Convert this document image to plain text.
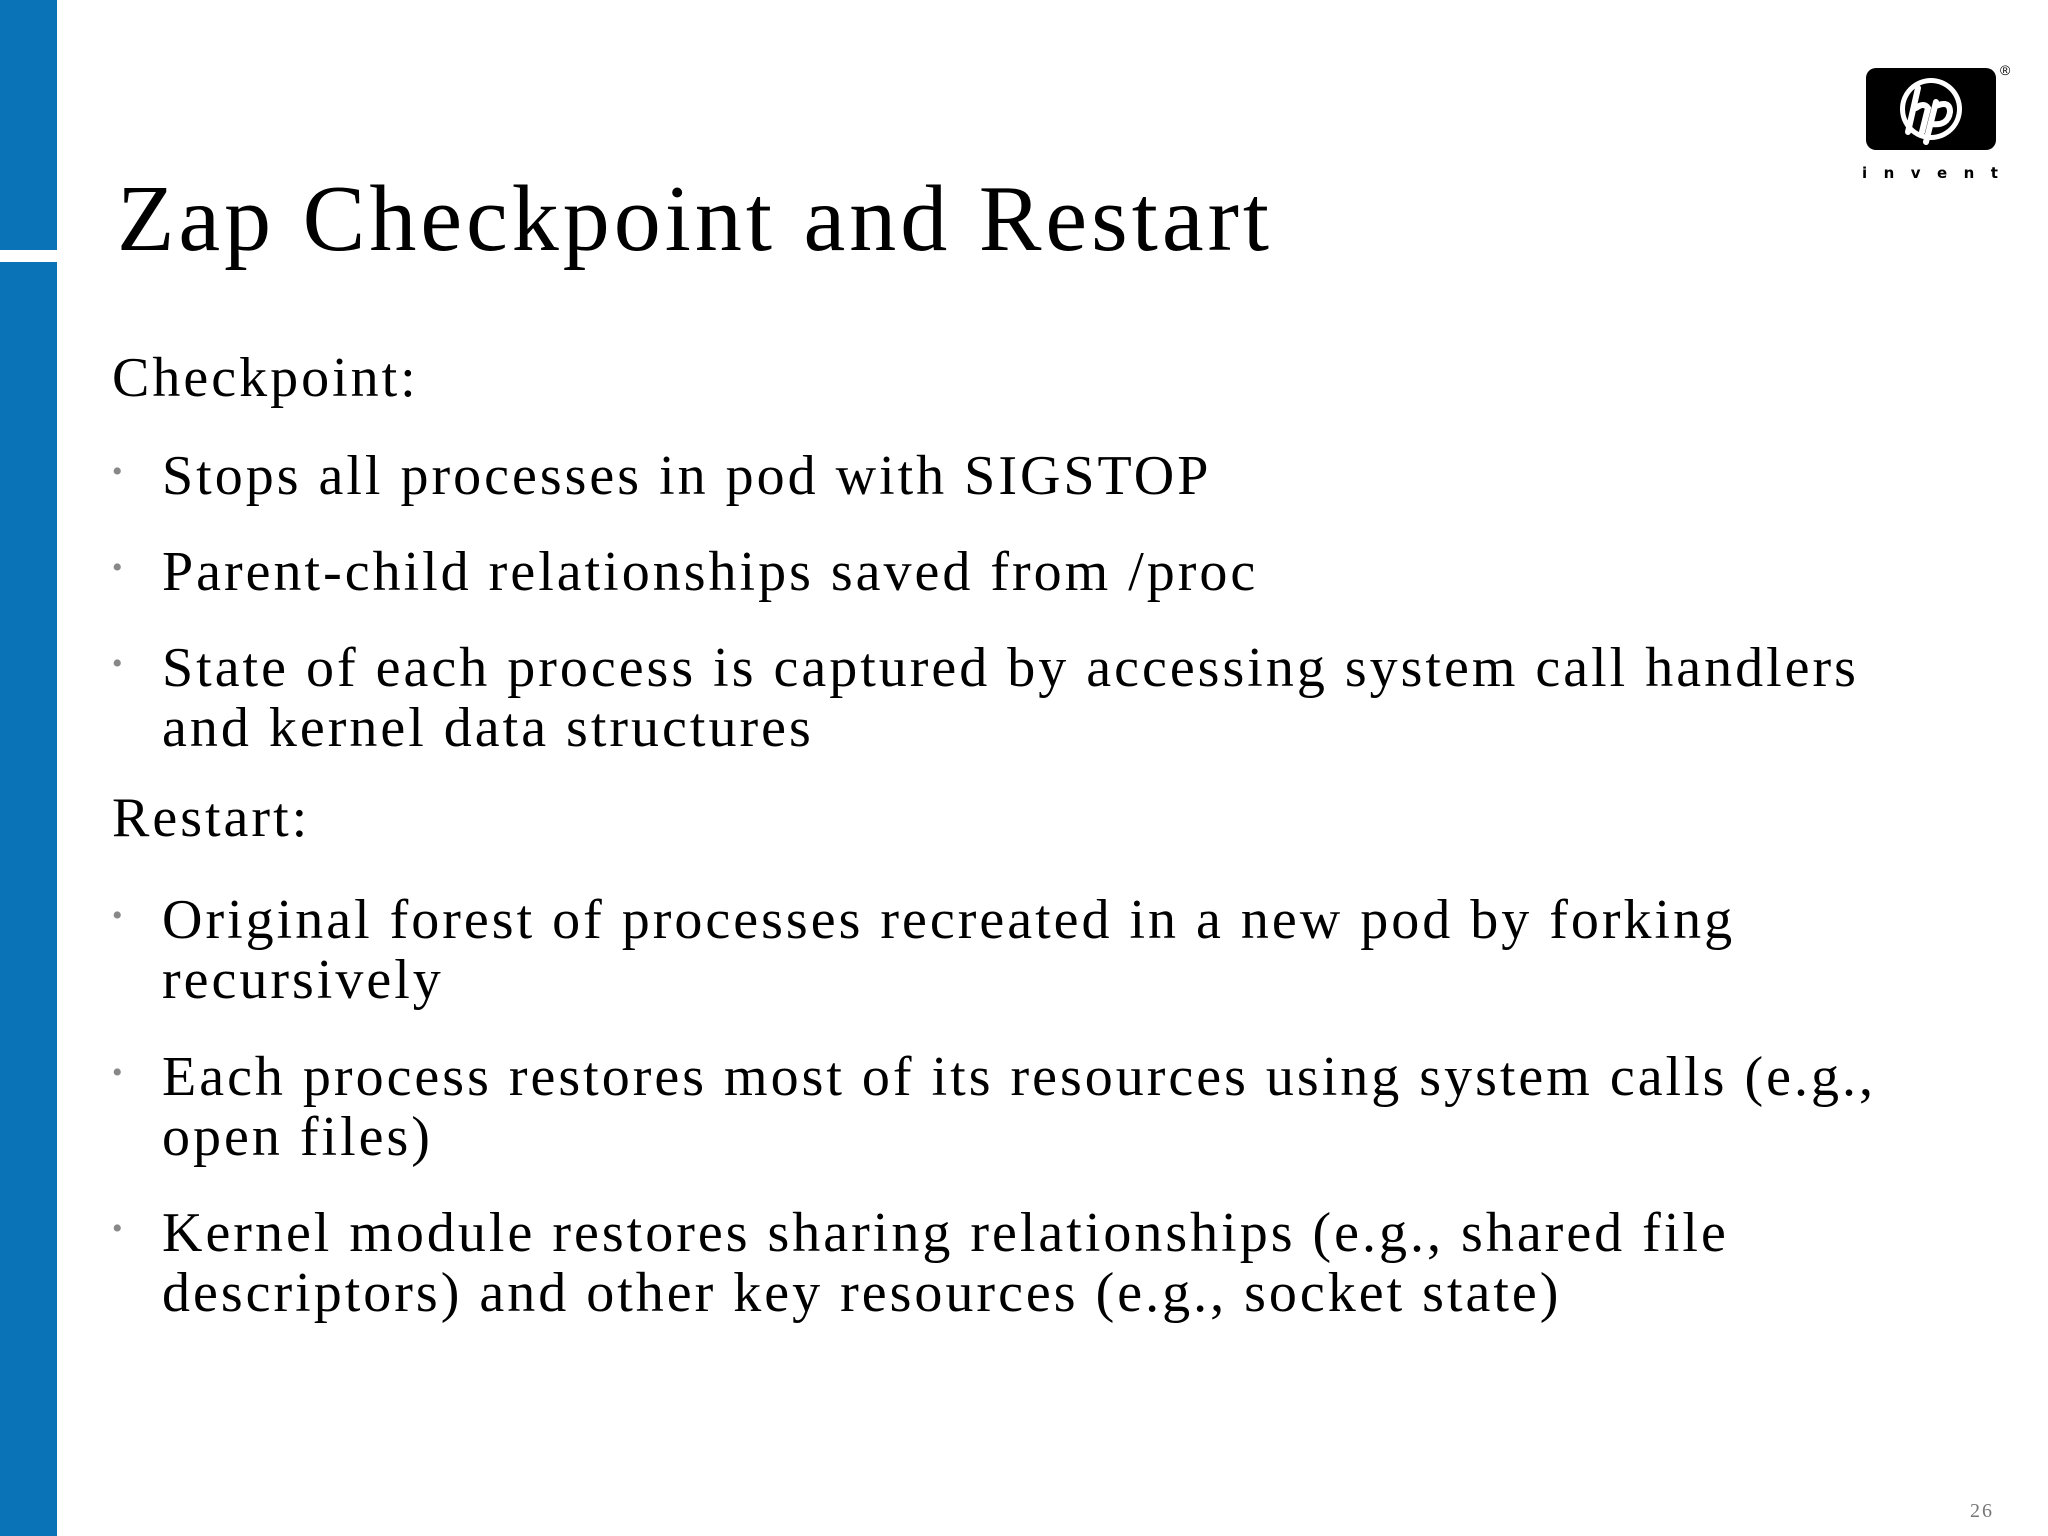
®
i n v e n t
Zap Checkpoint and Restart
Checkpoint:
• Stops all processes in pod with SIGSTOP
• Parent-child relationships saved from /proc
• State of each process is captured by accessing system call handlers and kernel data structures
Restart:
• Original forest of processes recreated in a new pod by forking recursively
• Each process restores most of its resources using system calls (e.g., open files)
• Kernel module restores sharing relationships (e.g., shared file descriptors) and other key resources (e.g., socket state)
26
